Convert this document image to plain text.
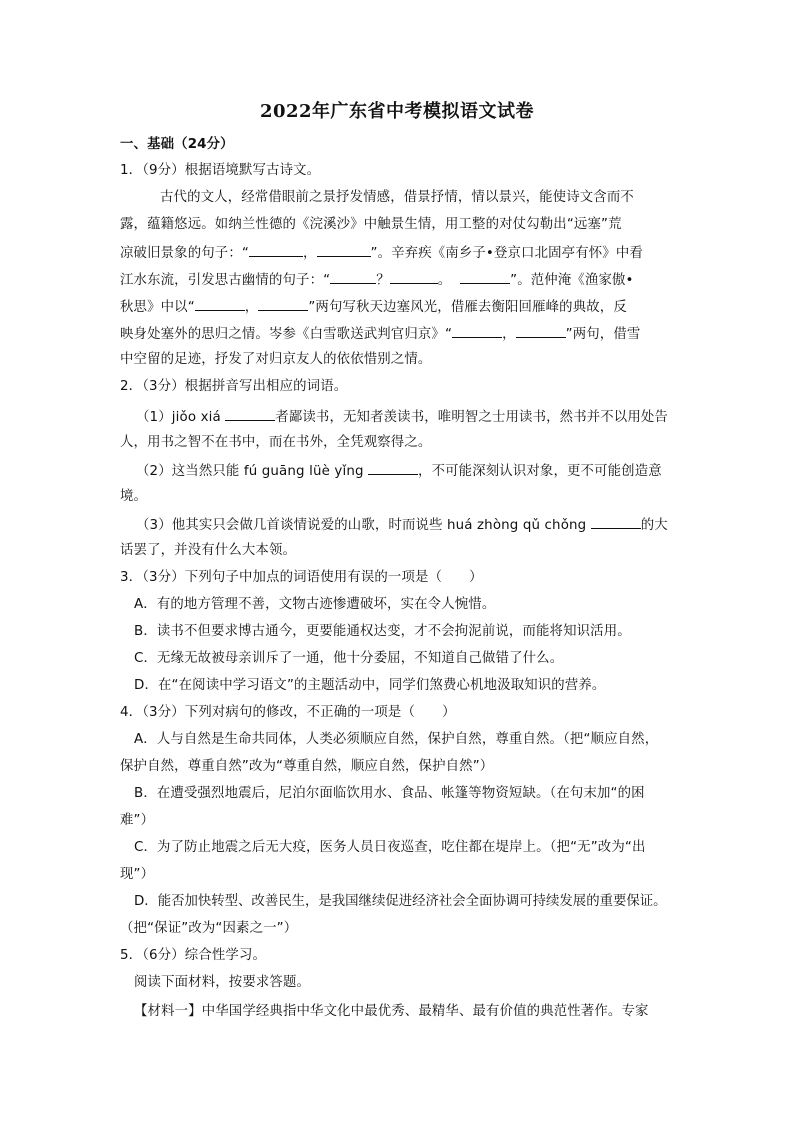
2022年广东省中考模拟语文试卷
一、基础（24分）
1．（9分）根据语境默写古诗文。
古代的文人，经常借眼前之景抒发情感，借景抒情，情以景兴，能使诗文含而不
露，蕴籍悠远。如纳兰性德的《浣溪沙》中触景生情，用工整的对仗勾勒出“远塞”荒
凉破旧景象的句子：“	，	”。辛弃疾《南乡子•登京口北固亭有怀》中看
江水东流，引发思古幽情的句子：“	？	。	”。范仲淹《渔家傲•
秋思》中以“	，	”两句写秋天边塞风光，借雁去衡阳回雁峰的典故，反
映身处塞外的思归之情。岑参《白雪歌送武判官归京》“	，	”两句，借雪
中空留的足迹，抒发了对归京友人的依依惜别之情。
2．（3分）根据拼音写出相应的词语。
（1）jiǒo xiá	者鄙读书，无知者羡读书，唯明智之士用读书，然书并不以用处告
人，用书之智不在书中，而在书外，全凭观察得之。
（2）这当然只能 fú guāng lüè yǐng	，不可能深刻认识对象，更不可能创造意
境。
（3）他其实只会做几首谈情说爱的山歌，时而说些 huá zhòng qǔ chǒng	的大
话罢了，并没有什么大本领。
3．（3分）下列句子中加点的词语使用有误的一项是（　　）
A．有的地方管理不善，文物古迹惨遭破坏，实在令人惋惜。
B．读书不但要求博古通今，更要能通权达变，才不会拘泥前说，而能将知识活用。
C．无缘无故被母亲训斥了一通，他十分委屈，不知道自己做错了什么。
D．在“在阅读中学习语文”的主题活动中，同学们煞费心机地汲取知识的营养。
4．（3分）下列对病句的修改，不正确的一项是（　　）
A．人与自然是生命共同体，人类必须顺应自然，保护自然，尊重自然。（把“顺应自然，
保护自然，尊重自然”改为“尊重自然，顺应自然，保护自然”）
B．在遭受强烈地震后，尼泊尔面临饮用水、食品、帐篷等物资短缺。（在句末加“的困
难”）
C．为了防止地震之后无大疫，医务人员日夜巡查，吃住都在堤岸上。（把“无”改为“出
现”）
D．能否加快转型、改善民生，是我国继续促进经济社会全面协调可持续发展的重要保证。
（把“保证”改为“因素之一”）
5．（6分）综合性学习。
阅读下面材料，按要求答题。
【材料一】中华国学经典指中华文化中最优秀、最精华、最有价值的典范性著作。专家
